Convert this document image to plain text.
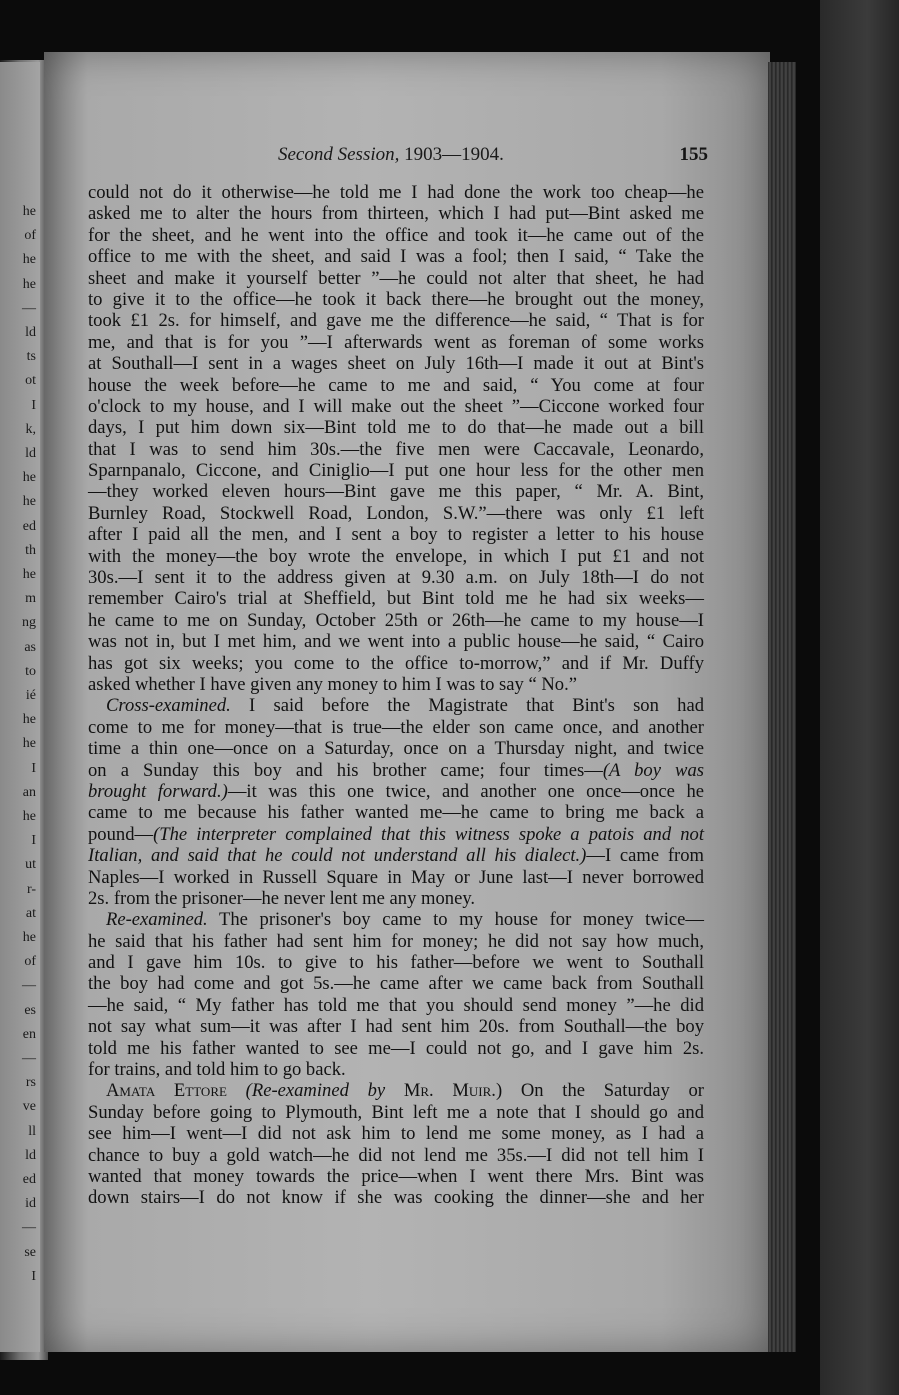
he
of
he
he
—
ld
ts
ot
I
k,
ld
he
he
ed
th
he
m
ng
as
to
ié
he
he
I
an
he
I
ut
r-
at
he
of
—
es
en
—
rs
ve
ll
ld
ed
id
—
se
I
Second Session, 1903—1904.	155
could not do it otherwise—he told me I had done the work too cheap—he
asked me to alter the hours from thirteen, which I had put—Bint asked me
for the sheet, and he went into the office and took it—he came out of the
office to me with the sheet, and said I was a fool; then I said, “ Take the
sheet and make it yourself better ”—he could not alter that sheet, he had
to give it to the office—he took it back there—he brought out the money,
took £1 2s. for himself, and gave me the difference—he said, “ That is for
me, and that is for you ”—I afterwards went as foreman of some works
at Southall—I sent in a wages sheet on July 16th—I made it out at Bint's
house the week before—he came to me and said, “ You come at four
o'clock to my house, and I will make out the sheet ”—Ciccone worked four
days, I put him down six—Bint told me to do that—he made out a bill
that I was to send him 30s.—the five men were Caccavale, Leonardo,
Sparnpanalo, Ciccone, and Ciniglio—I put one hour less for the other men
—they worked eleven hours—Bint gave me this paper, “ Mr. A. Bint,
Burnley Road, Stockwell Road, London, S.W.”—there was only £1 left
after I paid all the men, and I sent a boy to register a letter to his house
with the money—the boy wrote the envelope, in which I put £1 and not
30s.—I sent it to the address given at 9.30 a.m. on July 18th—I do not
remember Cairo's trial at Sheffield, but Bint told me he had six weeks—
he came to me on Sunday, October 25th or 26th—he came to my house—I
was not in, but I met him, and we went into a public house—he said, “ Cairo
has got six weeks; you come to the office to-morrow,” and if Mr. Duffy
asked whether I have given any money to him I was to say “ No.”
Cross-examined. I said before the Magistrate that Bint's son had
come to me for money—that is true—the elder son came once, and another
time a thin one—once on a Saturday, once on a Thursday night, and twice
on a Sunday this boy and his brother came; four times—(A boy was
brought forward.)—it was this one twice, and another one once—once he
came to me because his father wanted me—he came to bring me back a
pound—(The interpreter complained that this witness spoke a patois and not
Italian, and said that he could not understand all his dialect.)—I came from
Naples—I worked in Russell Square in May or June last—I never borrowed
2s. from the prisoner—he never lent me any money.
Re-examined. The prisoner's boy came to my house for money twice—
he said that his father had sent him for money; he did not say how much,
and I gave him 10s. to give to his father—before we went to Southall
the boy had come and got 5s.—he came after we came back from Southall
—he said, “ My father has told me that you should send money ”—he did
not say what sum—it was after I had sent him 20s. from Southall—the boy
told me his father wanted to see me—I could not go, and I gave him 2s.
for trains, and told him to go back.
Amata Ettore (Re-examined by Mr. Muir.) On the Saturday or
Sunday before going to Plymouth, Bint left me a note that I should go and
see him—I went—I did not ask him to lend me some money, as I had a
chance to buy a gold watch—he did not lend me 35s.—I did not tell him I
wanted that money towards the price—when I went there Mrs. Bint was
down stairs—I do not know if she was cooking the dinner—she and her
